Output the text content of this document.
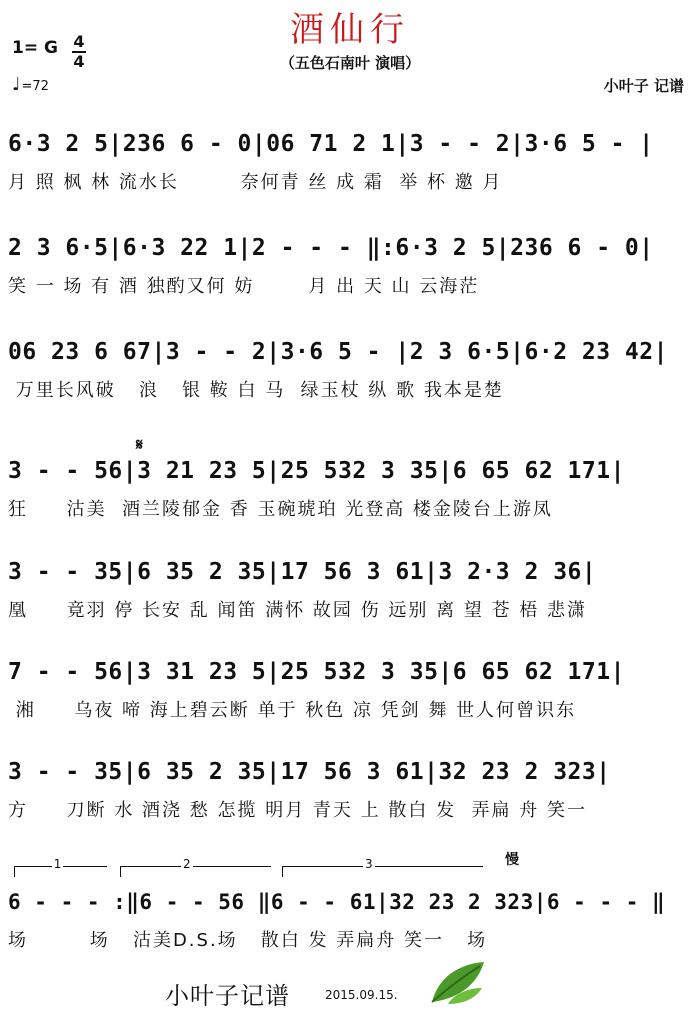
酒仙行
（五色石南叶 演唱）
1= G 4
4
♩=72	小叶子 记谱
6·3 2 5|236 6 - 0|06 71 2 1|3 - - 2|3·6 5 - |
月 照 枫 林 流水长        奈何青 丝 成 霜  举 杯 邀 月
2 3 6·5|6·3 22 1|2 - - - ‖:6·3 2 5|236 6 - 0|
笑 一 场 有 酒 独酌又何 妨       月 出 天 山 云海茫
06 23 6 67|3 - - 2|3·6 5 - |2 3 6·5|6·2 23 42|
万里长风破   浪   银 鞍 白 马  绿玉杖 纵 歌 我本是楚
𝄋
3 - - 56|3 21 23 5|25 532 3 35|6 65 62 171|
狂     沽美  酒兰陵郁金 香 玉碗琥珀 光登高 楼金陵台上游凤
3 - - 35|6 35 2 35|17 56 3 61|3 2·3 2 36|
凰     竟羽 停 长安 乱 闻笛 满怀 故园 伤 远别 离 望 苍 梧 悲潇
7 - - 56|3 31 23 5|25 532 3 35|6 65 62 171|
湘     乌夜 啼 海上碧云断 单于 秋色 凉 凭剑 舞 世人何曾识东
3 - - 35|6 35 2 35|17 56 3 61|32 23 2 323|
方     刀断 水 酒浇 愁 怎揽 明月 青天 上 散白 发  弄扁 舟 笑一
1	2	3	慢
6 - - - :‖6 - - 56 ‖6 - - 61|32 23 2 323|6 - - - ‖
场        场   沽美D.S.场   散白 发 弄扁舟 笑一   场
小叶子记谱	2015.09.15.
